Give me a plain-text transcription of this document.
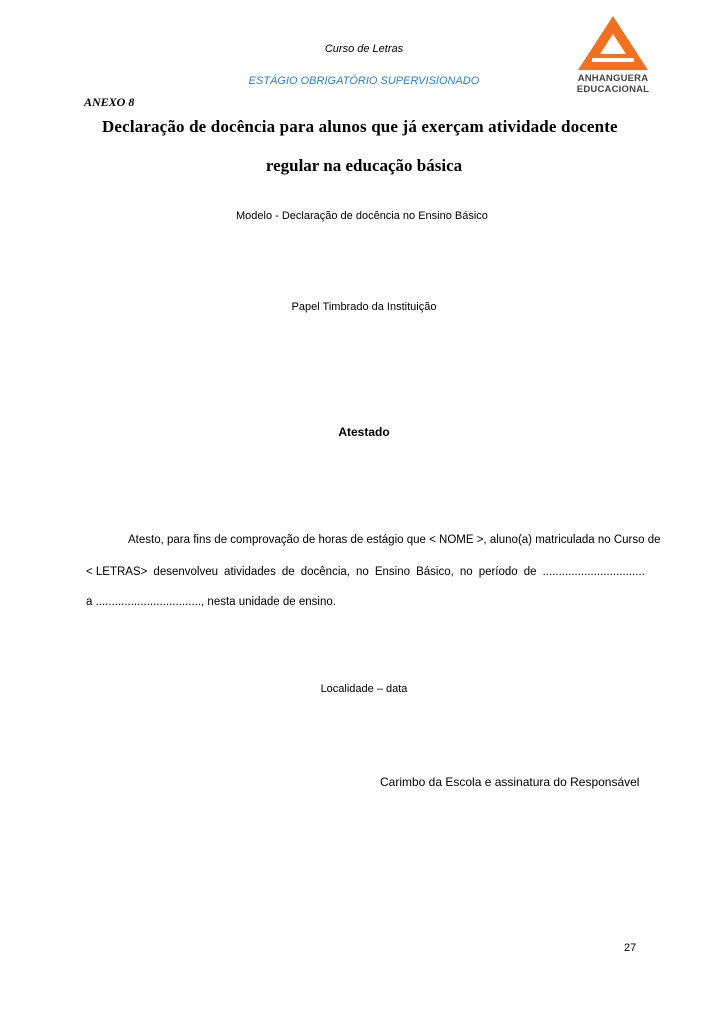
ANHANGUERA
EDUCACIONAL
Curso de Letras
ESTÁGIO OBRIGATÓRIO SUPERVISIONADO
ANEXO 8
Declaração de docência para alunos que já exerçam atividade docente
regular na educação básica
Modelo - Declaração de docência no Ensino Básico
Papel Timbrado da Instituição
Atestado
Atesto, para fins de comprovação de horas de estágio que < NOME >, aluno(a) matriculada no Curso de
< LETRAS> desenvolveu atividades de docência, no Ensino Básico, no período de ................................
a ................................., nesta unidade de ensino.
Localidade – data
Carimbo da Escola e assinatura do Responsável
27
